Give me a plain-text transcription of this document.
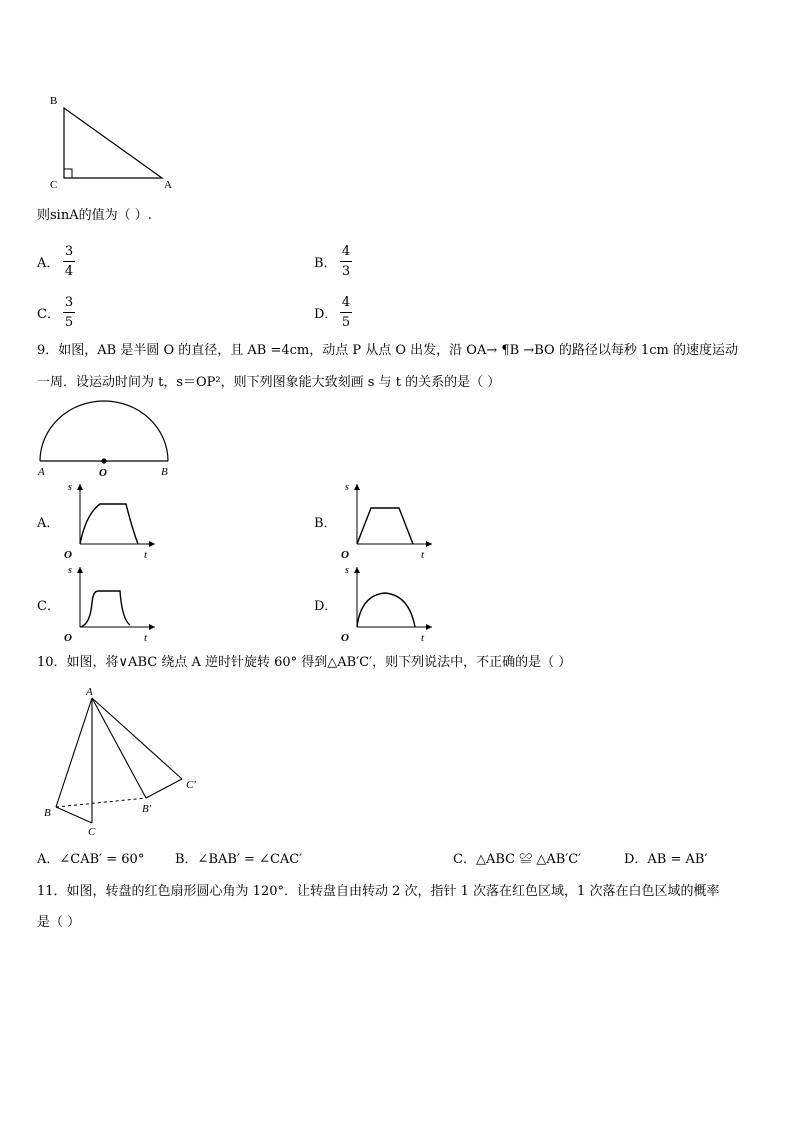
B
C	A
则sinA的值为（ ）.
A．
3
4
B．
4
3
C．
3
5
D．
4
5
9．如图，AB 是半圆 O 的直径，且 AB =4cm，动点 P 从点 O 出发，沿 OA→ ¶B →BO 的路径以每秒 1cm 的速度运动
一周．设运动时间为 t，s＝OP²，则下列图象能大致刻画 s 与 t 的关系的是（ ）
A	O	B
A．	B．
C．	D．
s
O	t
s
O	t
s
O	t
s
O	t
10．如图，将∨ABC 绕点 A 逆时针旋转 60° 得到△AB′C′，则下列说法中，不正确的是（ ）
A
B
C
B′
C′
A．∠CAB′ = 60° B．∠BAB′ = ∠CAC′	C．△ABC ≌ △AB′C′	D．AB = AB′
11．如图，转盘的红色扇形圆心角为 120°．让转盘自由转动 2 次，指针 1 次落在红色区域，1 次落在白色区域的概率
是（ ）
